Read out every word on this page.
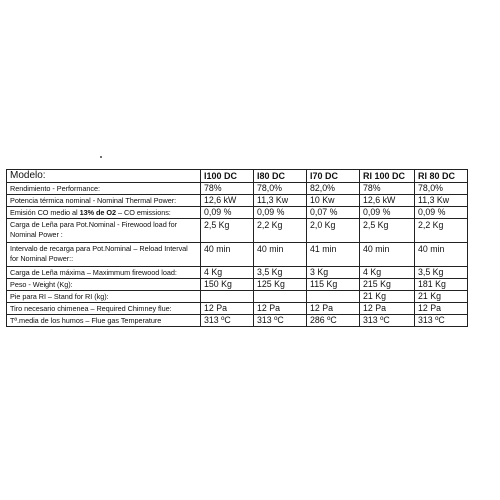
Modelo:	I100 DC	I80 DC	I70 DC	RI 100 DC	RI 80 DC
Rendimiento - Performance:	78%	78,0%	82,0%	78%	78,0%
Potencia térmica nominal - Nominal Thermal Power:	12,6 kW	11,3 Kw	10 Kw	12,6 kW	11,3 Kw
Emisión CO medio al 13% de O2 – CO emissions:	0,09 %	0,09 %	0,07 %	0,09 %	0,09 %
Carga de Leña para Pot.Nominal - Firewood load for Nominal Power :	2,5 Kg	2,2 Kg	2,0 Kg	2,5 Kg	2,2 Kg
Intervalo de recarga para Pot.Nominal – Reload Interval for Nominal Power::	40 min	40 min	41 min	40 min	40 min
Carga de Leña máxima – Maximmum firewood load:	4 Kg	3,5 Kg	3 Kg	4 Kg	3,5 Kg
Peso - Weight (Kg):	150 Kg	125 Kg	115 Kg	215 Kg	181 Kg
Pie para RI – Stand for RI (kg):				21 Kg	21 Kg
Tiro necesario chimenea – Required Chimney flue:	12 Pa	12 Pa	12 Pa	12 Pa	12 Pa
Tª.media de los humos – Flue gas Temperature	313 ºC	313 ºC	286 ºC	313 ºC	313 ºC
